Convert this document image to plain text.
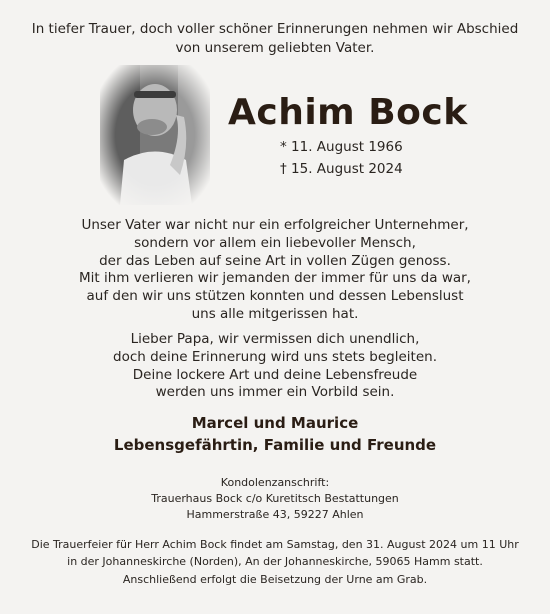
In tiefer Trauer, doch voller schöner Erinnerungen nehmen wir Abschied
von unserem geliebten Vater.
Achim Bock
* 11. August 1966
† 15. August 2024
Unser Vater war nicht nur ein erfolgreicher Unternehmer,
sondern vor allem ein liebevoller Mensch,
der das Leben auf seine Art in vollen Zügen genoss.
Mit ihm verlieren wir jemanden der immer für uns da war,
auf den wir uns stützen konnten und dessen Lebenslust
uns alle mitgerissen hat.
Lieber Papa, wir vermissen dich unendlich,
doch deine Erinnerung wird uns stets begleiten.
Deine lockere Art und deine Lebensfreude
werden uns immer ein Vorbild sein.
Marcel und Maurice
Lebensgefährtin, Familie und Freunde
Kondolenzanschrift:
Trauerhaus Bock c/o Kuretitsch Bestattungen
Hammerstraße 43, 59227 Ahlen
Die Trauerfeier für Herr Achim Bock findet am Samstag, den 31. August 2024 um 11 Uhr
in der Johanneskirche (Norden), An der Johanneskirche, 59065 Hamm statt.
Anschließend erfolgt die Beisetzung der Urne am Grab.
